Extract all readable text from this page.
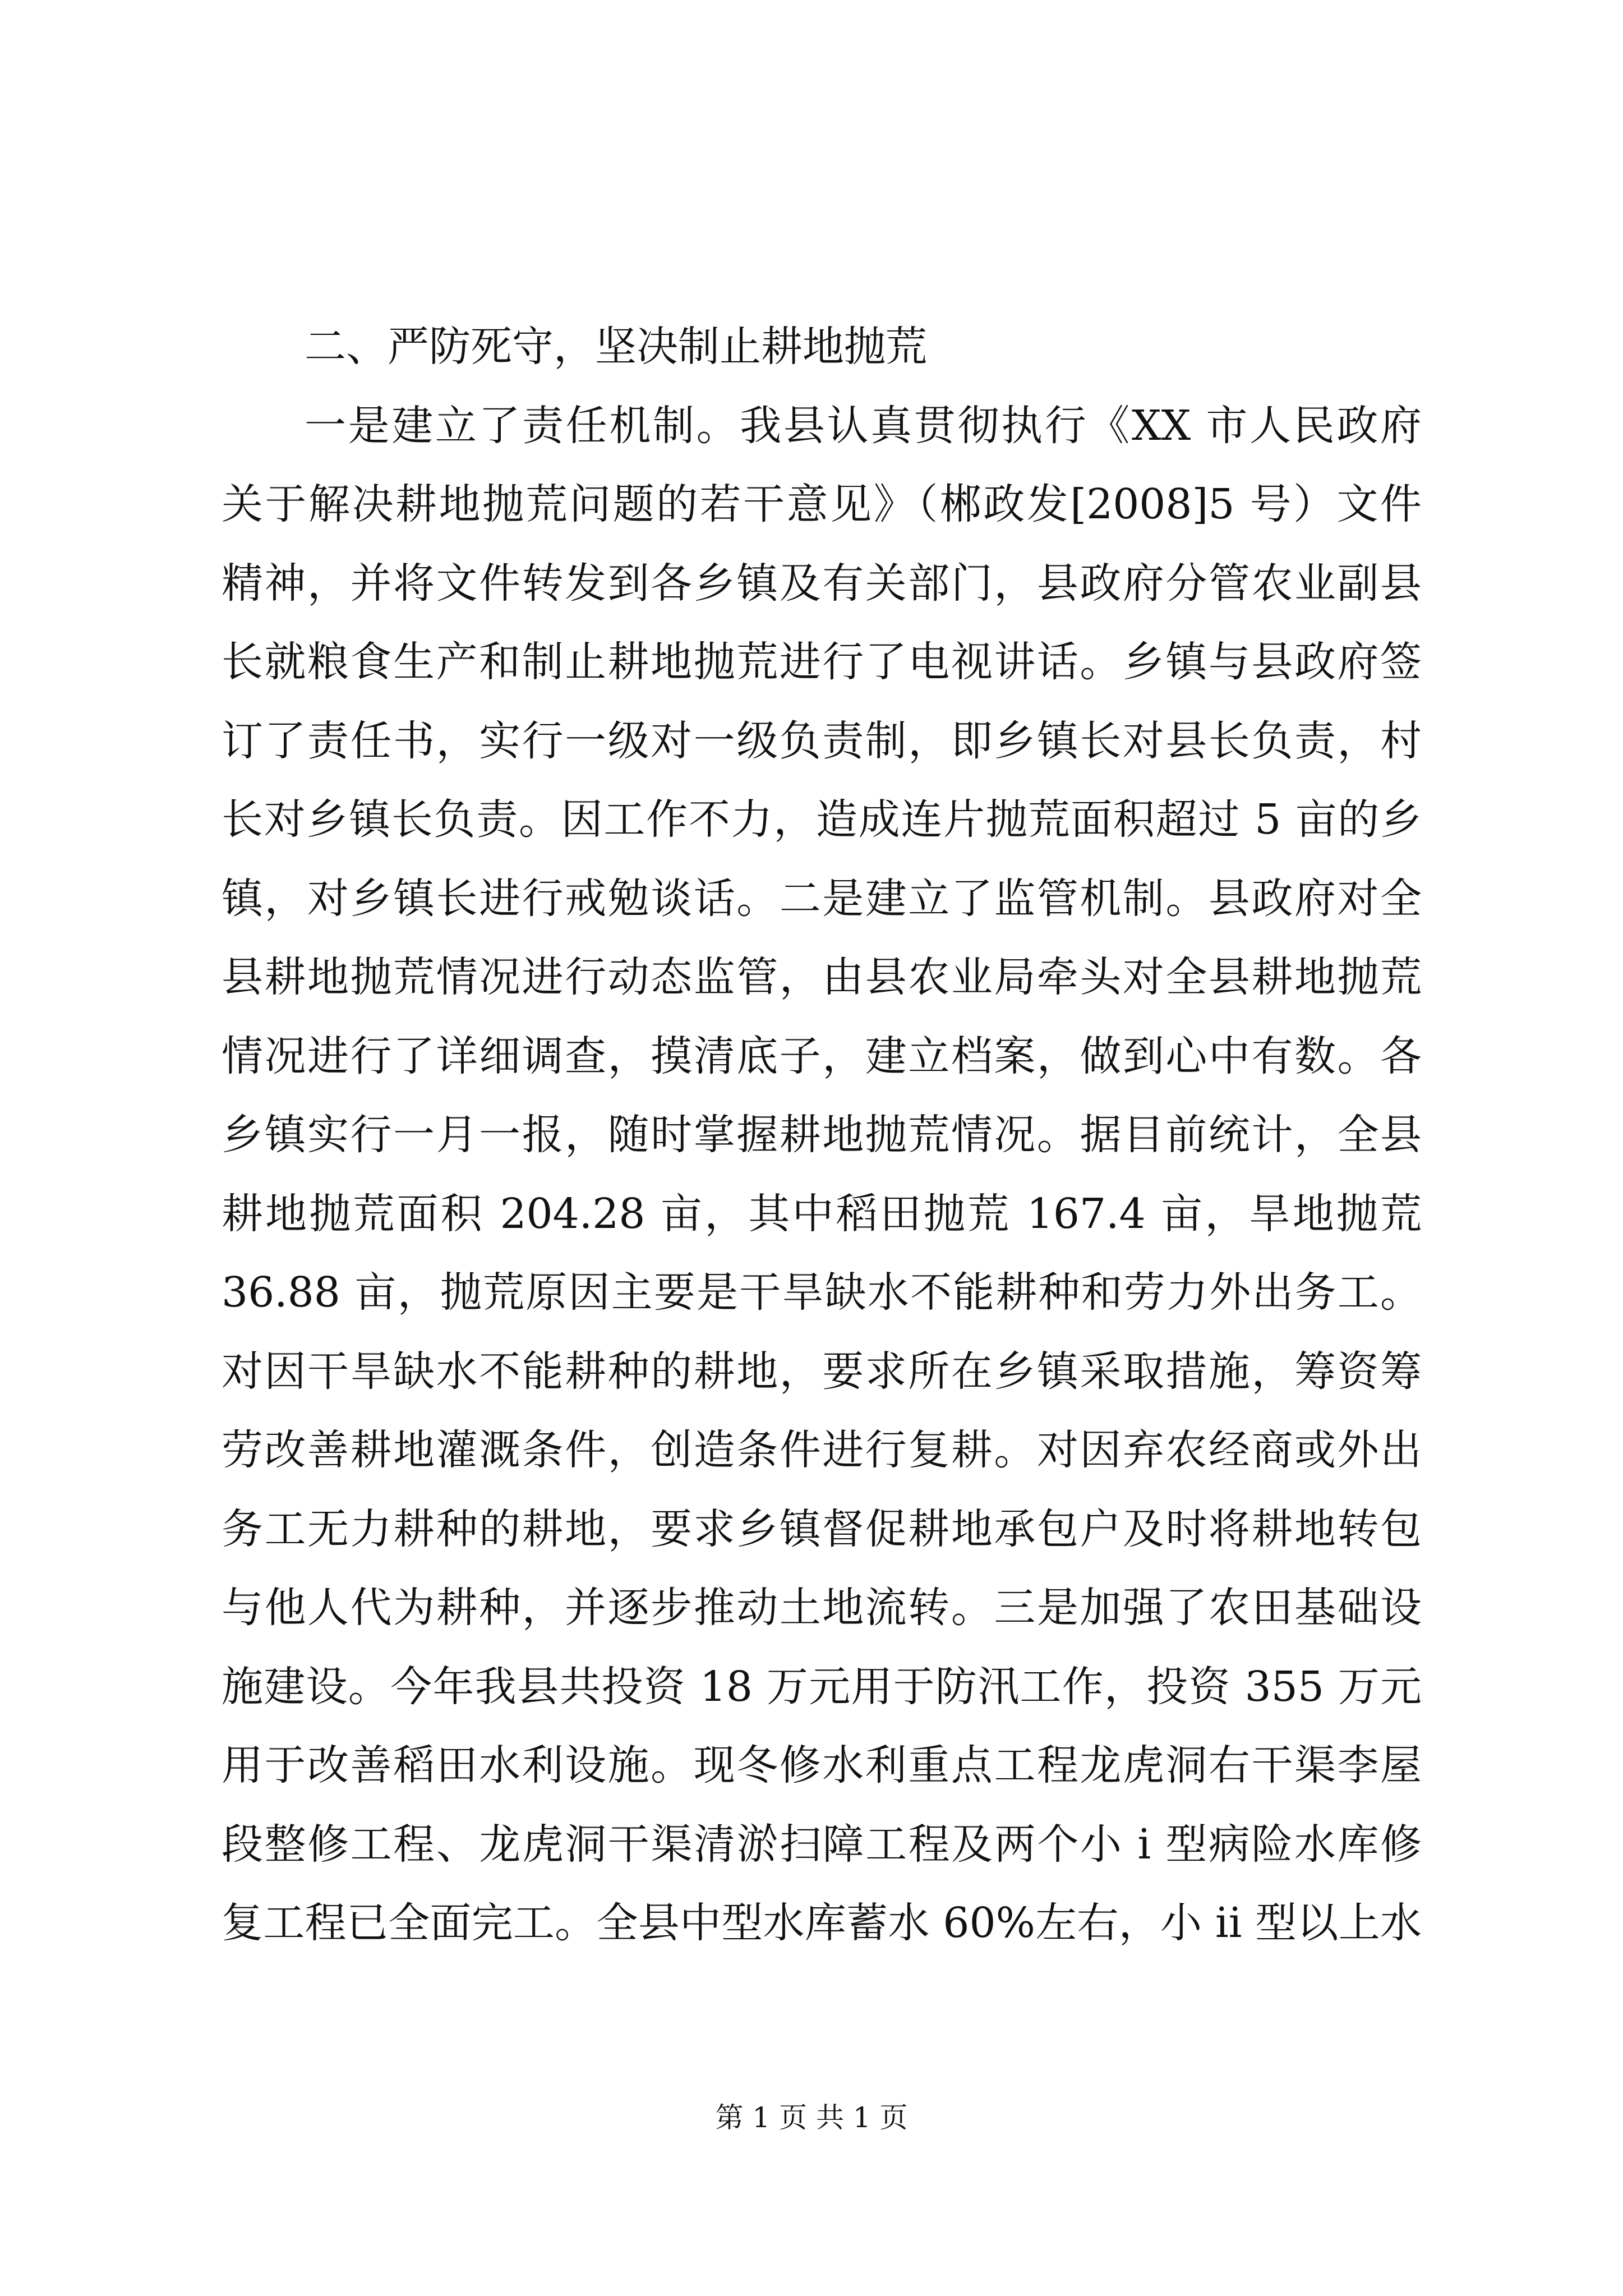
二、严防死守，坚决制止耕地抛荒
一是建立了责任机制。我县认真贯彻执行《XX 市人民政府
关于解决耕地抛荒问题的若干意见》（郴政发[2008]5 号）文件
精神，并将文件转发到各乡镇及有关部门，县政府分管农业副县
长就粮食生产和制止耕地抛荒进行了电视讲话。乡镇与县政府签
订了责任书，实行一级对一级负责制，即乡镇长对县长负责，村
长对乡镇长负责。因工作不力，造成连片抛荒面积超过 5 亩的乡
镇，对乡镇长进行戒勉谈话。二是建立了监管机制。县政府对全
县耕地抛荒情况进行动态监管，由县农业局牵头对全县耕地抛荒
情况进行了详细调查，摸清底子，建立档案，做到心中有数。各
乡镇实行一月一报，随时掌握耕地抛荒情况。据目前统计，全县
耕地抛荒面积 204.28 亩，其中稻田抛荒 167.4 亩，旱地抛荒
36.88 亩，抛荒原因主要是干旱缺水不能耕种和劳力外出务工。
对因干旱缺水不能耕种的耕地，要求所在乡镇采取措施，筹资筹
劳改善耕地灌溉条件，创造条件进行复耕。对因弃农经商或外出
务工无力耕种的耕地，要求乡镇督促耕地承包户及时将耕地转包
与他人代为耕种，并逐步推动土地流转。三是加强了农田基础设
施建设。今年我县共投资 18 万元用于防汛工作，投资 355 万元
用于改善稻田水利设施。现冬修水利重点工程龙虎洞右干渠李屋
段整修工程、龙虎洞干渠清淤扫障工程及两个小 i 型病险水库修
复工程已全面完工。全县中型水库蓄水 60%左右，小 ii 型以上水
第 1 页 共 1 页
